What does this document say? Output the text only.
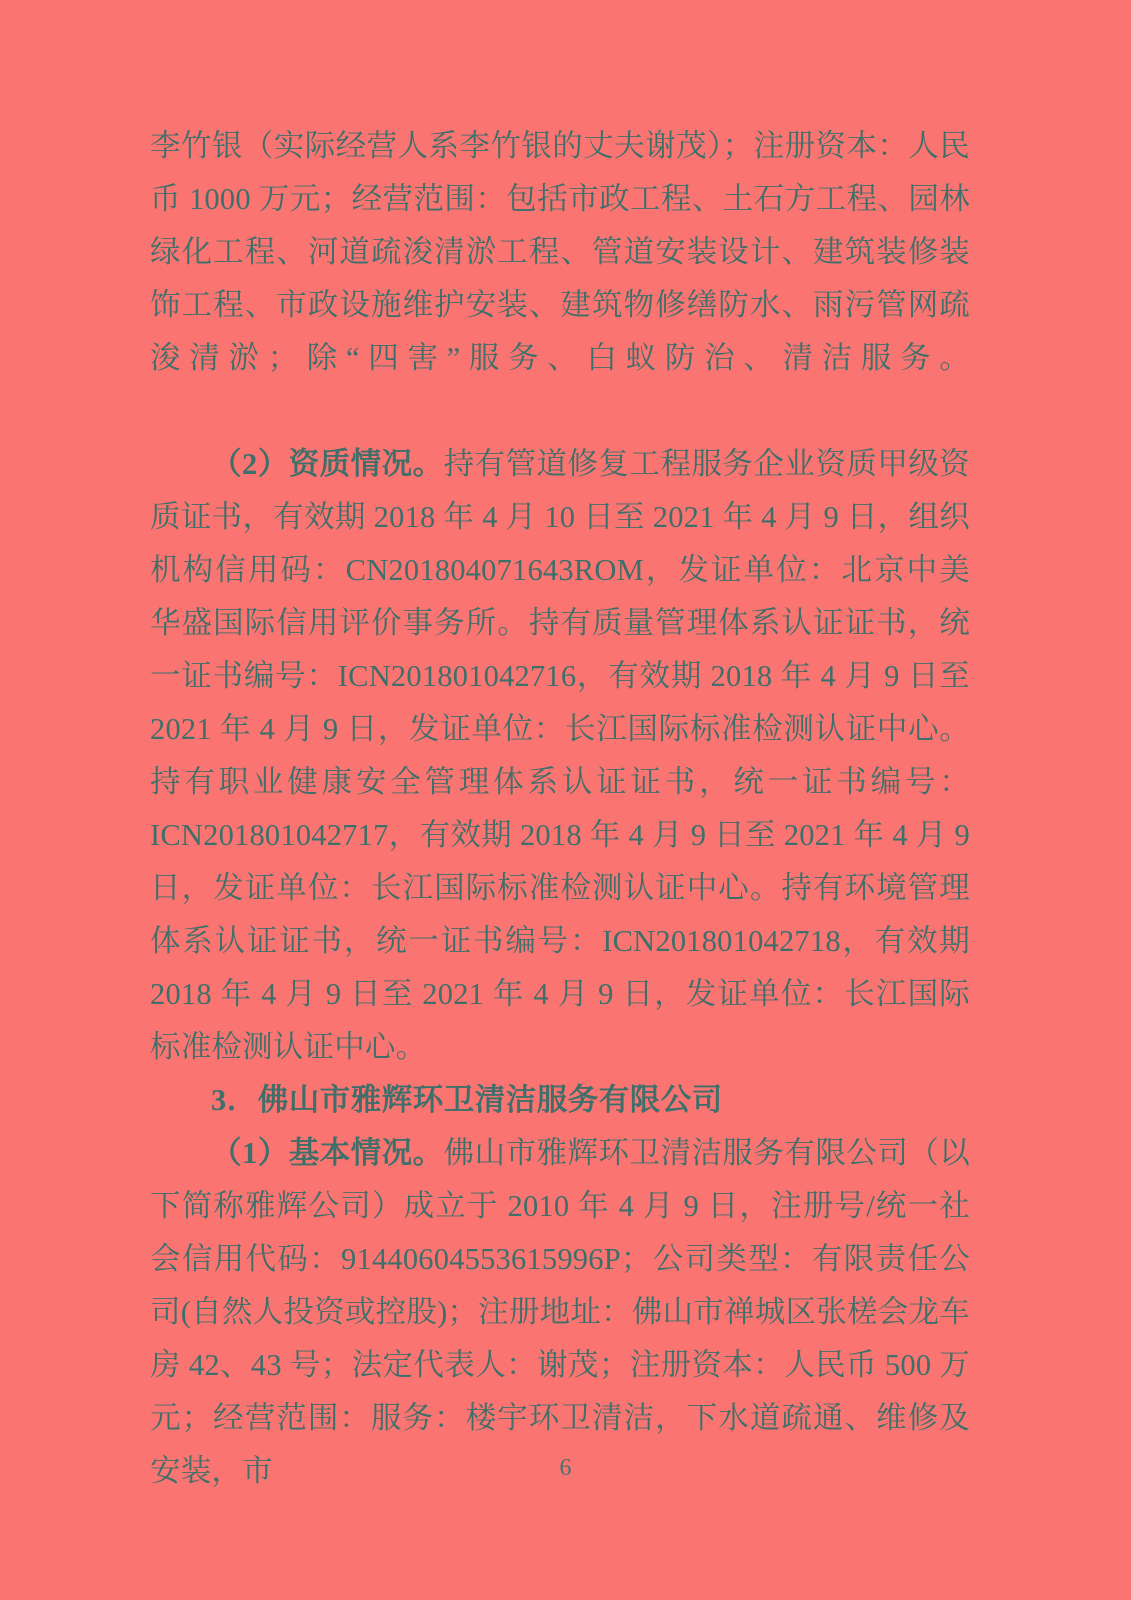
李竹银（实际经营人系李竹银的丈夫谢茂）；注册资本：人民币 1000 万元；经营范围：包括市政工程、土石方工程、园林绿化工程、河道疏浚清淤工程、管道安装设计、建筑装修装饰工程、市政设施维护安装、建筑物修缮防水、雨污管网疏浚清淤；除“四害”服务、白蚁防治、清洁服务。

（2）资质情况。持有管道修复工程服务企业资质甲级资质证书，有效期 2018 年 4 月 10 日至 2021 年 4 月 9 日，组织机构信用码：CN201804071643ROM，发证单位：北京中美华盛国际信用评价事务所。持有质量管理体系认证证书，统一证书编号：ICN201801042716，有效期 2018 年 4 月 9 日至 2021 年 4 月 9 日，发证单位：长江国际标准检测认证中心。持有职业健康安全管理体系认证证书，统一证书编号：ICN201801042717，有效期 2018 年 4 月 9 日至 2021 年 4 月 9 日，发证单位：长江国际标准检测认证中心。持有环境管理体系认证证书，统一证书编号：ICN201801042718，有效期 2018 年 4 月 9 日至 2021 年 4 月 9 日，发证单位：长江国际标准检测认证中心。

3．佛山市雅辉环卫清洁服务有限公司

（1）基本情况。佛山市雅辉环卫清洁服务有限公司（以下简称雅辉公司）成立于 2010 年 4 月 9 日，注册号/统一社会信用代码：91440604553615996P；公司类型：有限责任公司(自然人投资或控股)；注册地址：佛山市禅城区张槎会龙车房 42、43 号；法定代表人：谢茂；注册资本：人民币 500 万元；经营范围：服务：楼宇环卫清洁，下水道疏通、维修及安装，市	6
